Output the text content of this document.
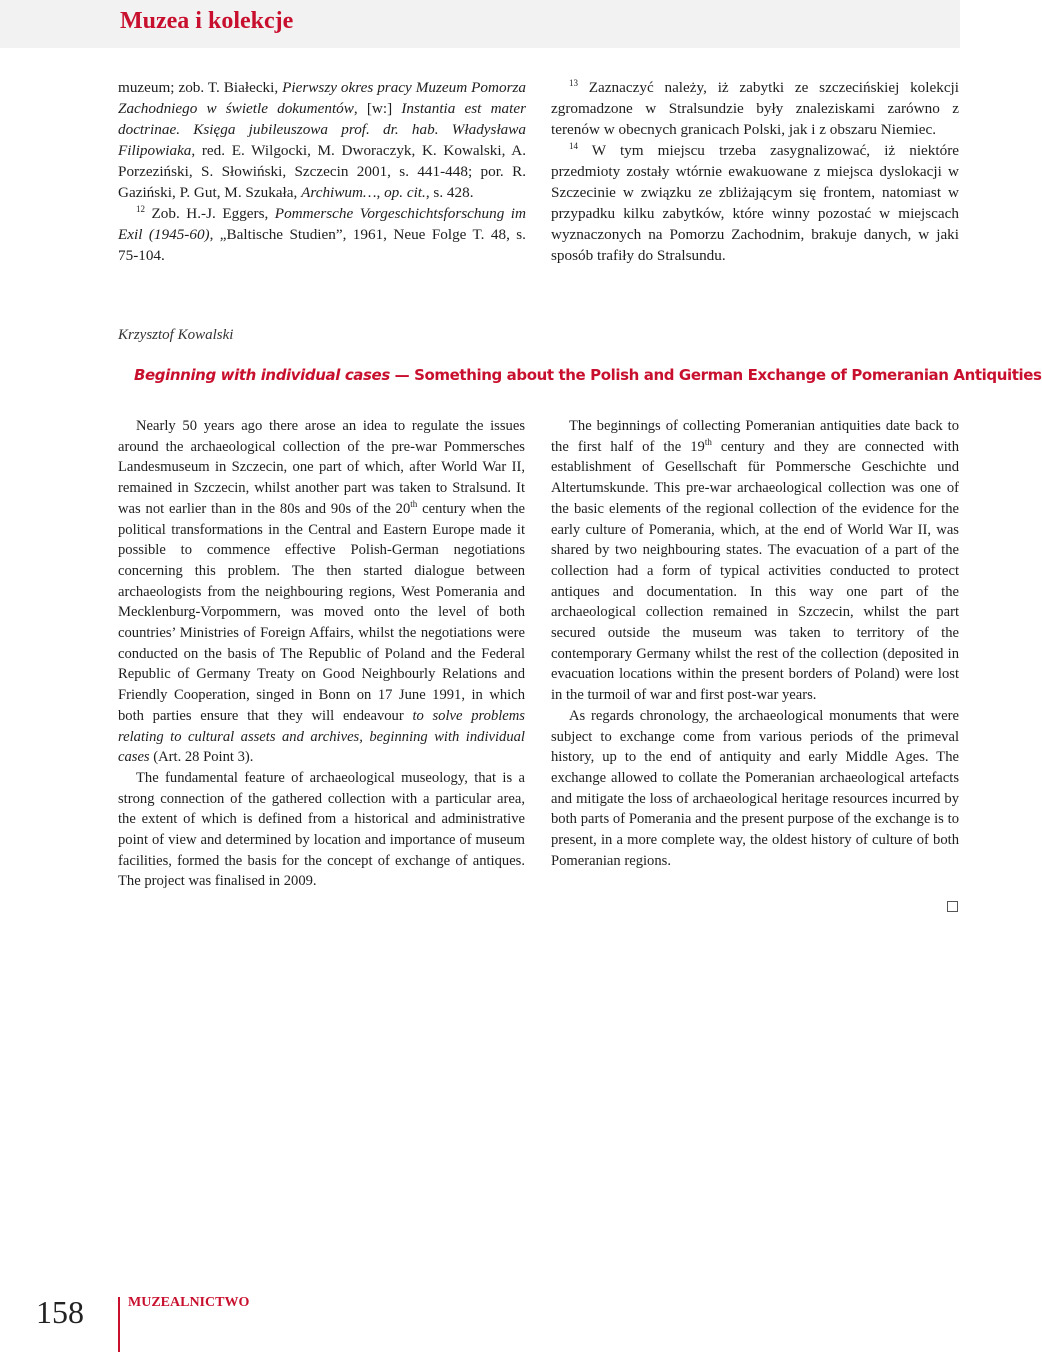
Muzea i kolekcje

muzeum; zob. T. Białecki, Pierwszy okres pracy Muzeum Pomorza Zachodniego w świetle dokumentów, [w:] Instantia est mater doctrinae. Księga jubileuszowa prof. dr. hab. Władysława Filipowiaka, red. E. Wilgocki, M. Dworaczyk, K. Kowalski, A. Porzeziński, S. Słowiński, Szczecin 2001, s. 441-448; por. R. Gaziński, P. Gut, M. Szukała, Archiwum…, op. cit., s. 428.

$^{12}$ Zob. H.-J. Eggers, Pommersche Vorgeschichtsforschung im Exil (1945-60), „Baltische Studien”, 1961, Neue Folge T. 48, s. 75-104.

$^{13}$ Zaznaczyć należy, iż zabytki ze szczecińskiej kolekcji zgromadzone w Stralsundzie były znaleziskami zarówno z terenów w obecnych granicach Polski, jak i z obszaru Niemiec.

$^{14}$ W tym miejscu trzeba zasygnalizować, iż niektóre przedmioty zostały wtórnie ewakuowane z miejsca dyslokacji w Szczecinie w związku ze zbliżającym się frontem, natomiast w przypadku kilku zabytków, które winny pozostać w miejscach wyznaczonych na Pomorzu Zachodnim, brakuje danych, w jaki sposób trafiły do Stralsundu.

Krzysztof Kowalski
Beginning with individual cases — Something about the Polish and German Exchange of Pomeranian Antiquities

Nearly 50 years ago there arose an idea to regulate the issues around the archaeological collection of the pre-war Pommersches Landesmuseum in Szczecin, one part of which, after World War II, remained in Szczecin, whilst another part was taken to Stralsund. It was not earlier than in the 80s and 90s of the 20th century when the political transformations in the Central and Eastern Europe made it possible to commence effective Polish-German negotiations concerning this problem. The then started dialogue between archaeologists from the neighbouring regions, West Pomerania and Mecklenburg-Vorpommern, was moved onto the level of both countries’ Ministries of Foreign Affairs, whilst the negotiations were conducted on the basis of The Republic of Poland and the Federal Republic of Germany Treaty on Good Neighbourly Relations and Friendly Cooperation, singed in Bonn on 17 June 1991, in which both parties ensure that they will endeavour to solve problems relating to cultural assets and archives, beginning with individual cases (Art. 28 Point 3).

The fundamental feature of archaeological museology, that is a strong connection of the gathered collection with a particular area, the extent of which is defined from a historical and administrative point of view and determined by location and importance of museum facilities, formed the basis for the concept of exchange of antiques. The project was finalised in 2009.

The beginnings of collecting Pomeranian antiquities date back to the first half of the 19th century and they are connected with establishment of Gesellschaft für Pommersche Geschichte und Altertumskunde. This pre-war archaeological collection was one of the basic elements of the regional collection of the evidence for the early culture of Pomerania, which, at the end of World War II, was shared by two neighbouring states. The evacuation of a part of the collection had a form of typical activities conducted to protect antiques and documentation. In this way one part of the archaeological collection remained in Szczecin, whilst the part secured outside the museum was taken to territory of the contemporary Germany whilst the rest of the collection (deposited in evacuation locations within the present borders of Poland) were lost in the turmoil of war and first post-war years.

As regards chronology, the archaeological monuments that were subject to exchange come from various periods of the primeval history, up to the end of antiquity and early Middle Ages. The exchange allowed to collate the Pomeranian archaeological artefacts and mitigate the loss of archaeological heritage resources incurred by both parts of Pomerania and the present purpose of the exchange is to present, in a more complete way, the oldest history of culture of both Pomeranian regions.

158	MUZEALNICTWO
